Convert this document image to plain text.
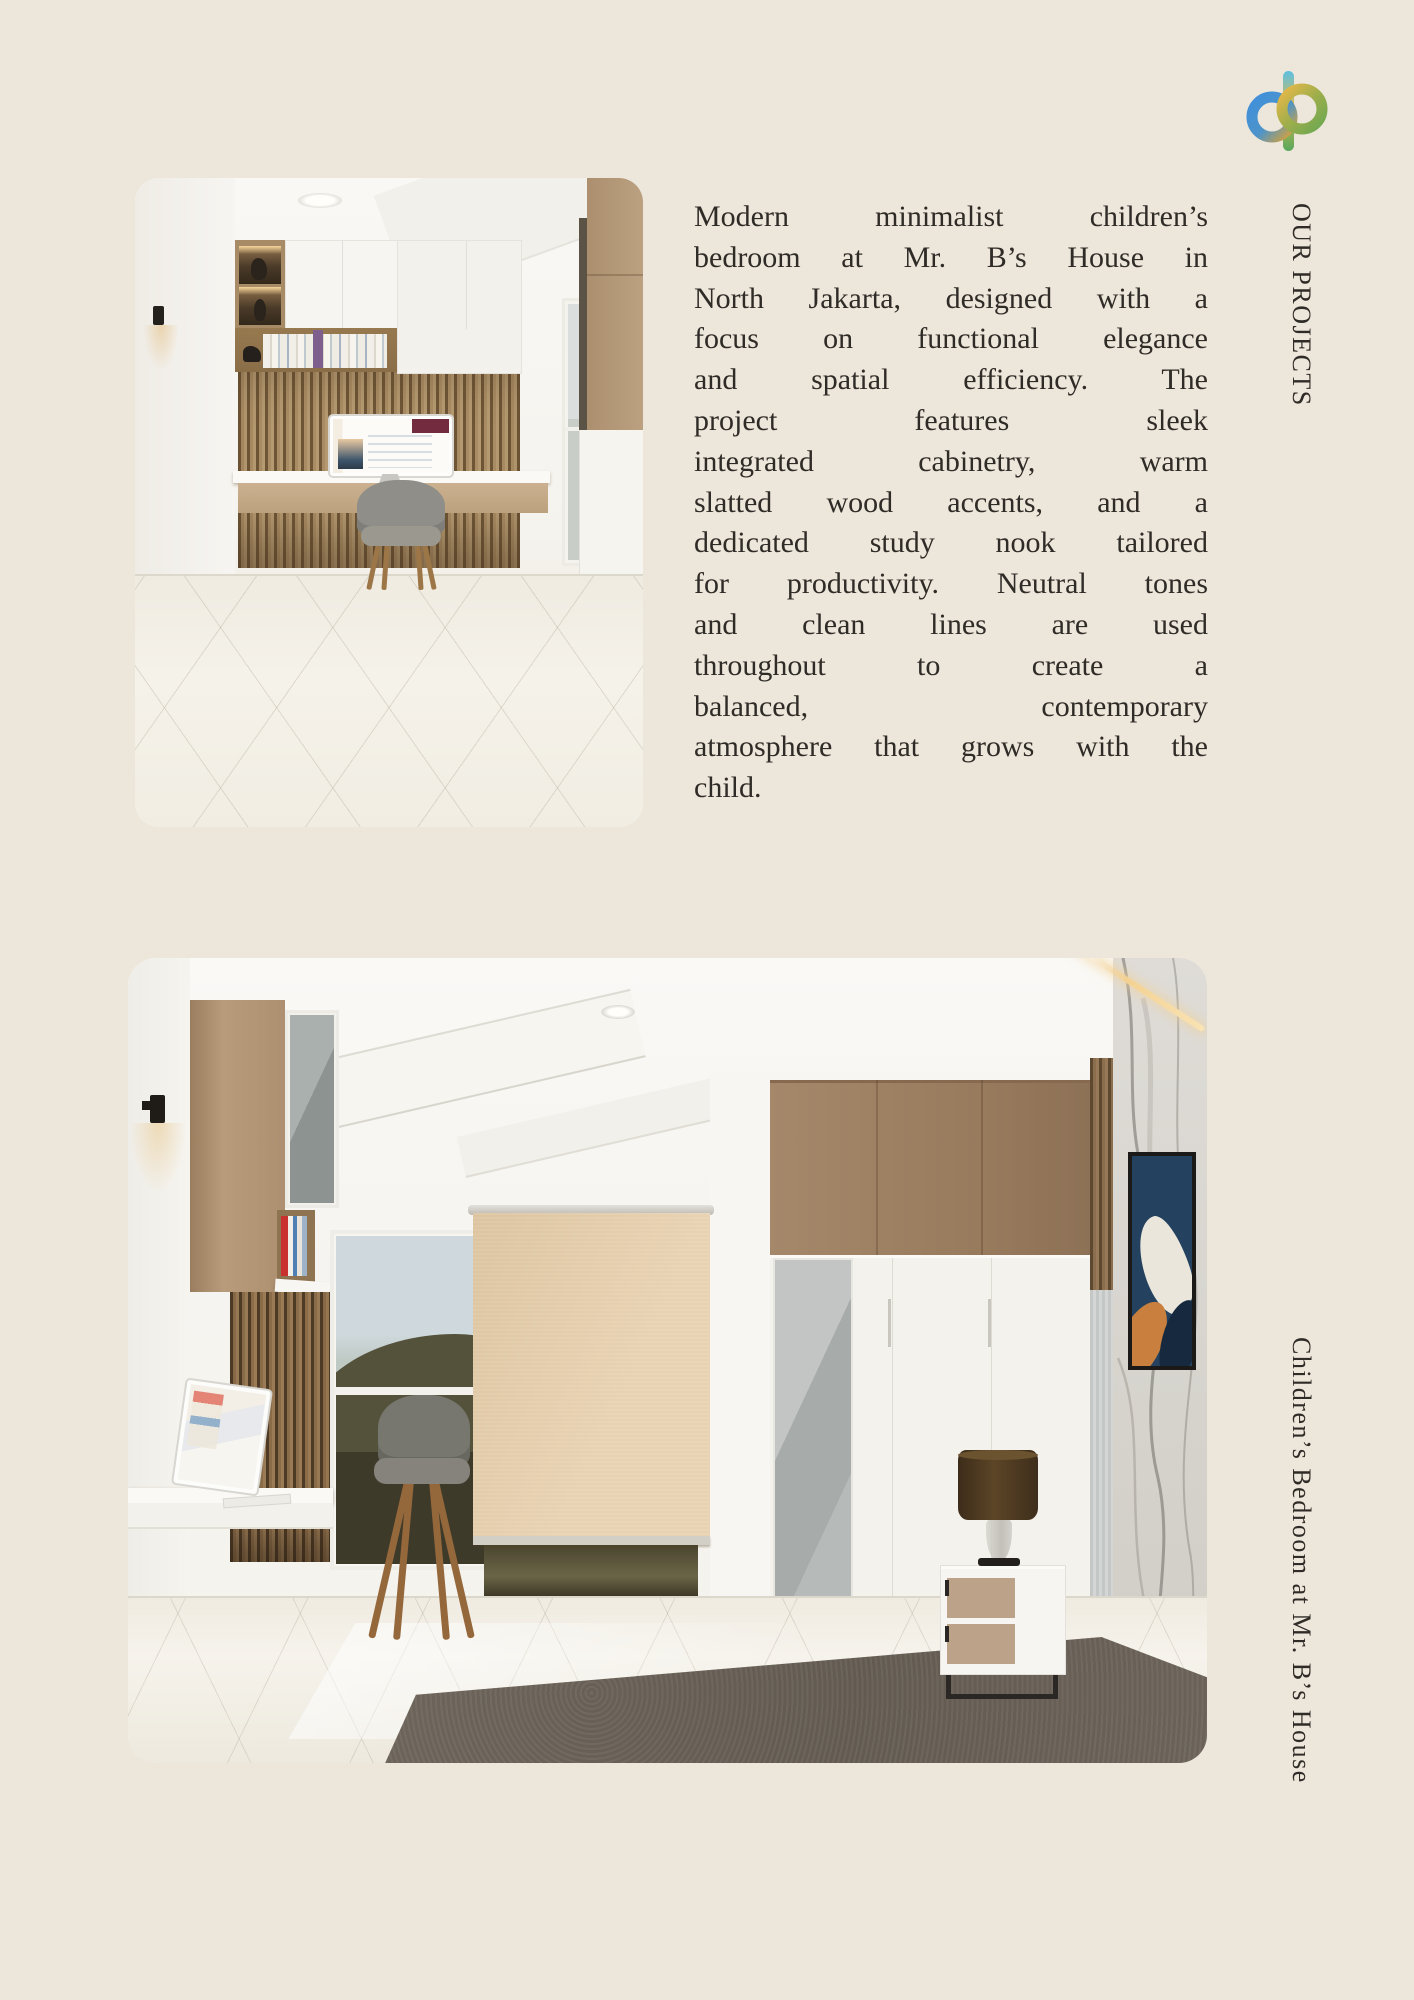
OUR PROJECTS
Children’s Bedroom at Mr. B’s House
Modern minimalist children’s
bedroom at Mr. B’s House in
North Jakarta, designed with a
focus on functional elegance
and spatial efficiency. The
project features sleek
integrated cabinetry, warm
slatted wood accents, and a
dedicated study nook tailored
for productivity. Neutral tones
and clean lines are used
throughout to create a
balanced, contemporary
atmosphere that grows with the
child.
